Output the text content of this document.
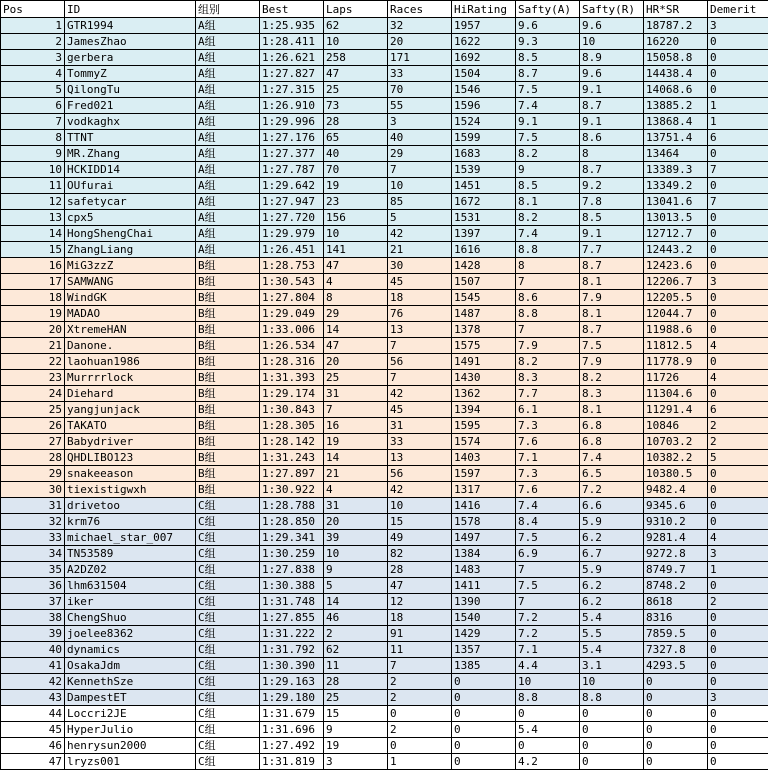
Pos	ID	组别	Best	Laps	Races	HiRating	Safty(A)	Safty(R)	HR*SR	Demerit
1	GTR1994	A组	1:25.935	62	32	1957	9.6	9.6	18787.2	3
2	JamesZhao	A组	1:28.411	10	20	1622	9.3	10	16220	0
3	gerbera	A组	1:26.621	258	171	1692	8.5	8.9	15058.8	0
4	TommyZ	A组	1:27.827	47	33	1504	8.7	9.6	14438.4	0
5	QilongTu	A组	1:27.315	25	70	1546	7.5	9.1	14068.6	0
6	Fred021	A组	1:26.910	73	55	1596	7.4	8.7	13885.2	1
7	vodkaghx	A组	1:29.996	28	3	1524	9.1	9.1	13868.4	1
8	TTNT	A组	1:27.176	65	40	1599	7.5	8.6	13751.4	6
9	MR.Zhang	A组	1:27.377	40	29	1683	8.2	8	13464	0
10	HCKIDD14	A组	1:27.787	70	7	1539	9	8.7	13389.3	7
11	OUfurai	A组	1:29.642	19	10	1451	8.5	9.2	13349.2	0
12	safetycar	A组	1:27.947	23	85	1672	8.1	7.8	13041.6	7
13	cpx5	A组	1:27.720	156	5	1531	8.2	8.5	13013.5	0
14	HongShengChai	A组	1:29.979	10	42	1397	7.4	9.1	12712.7	0
15	ZhangLiang	A组	1:26.451	141	21	1616	8.8	7.7	12443.2	0
16	MiG3zzZ	B组	1:28.753	47	30	1428	8	8.7	12423.6	0
17	SAMWANG	B组	1:30.543	4	45	1507	7	8.1	12206.7	3
18	WindGK	B组	1:27.804	8	18	1545	8.6	7.9	12205.5	0
19	MADAO	B组	1:29.049	29	76	1487	8.8	8.1	12044.7	0
20	XtremeHAN	B组	1:33.006	14	13	1378	7	8.7	11988.6	0
21	Danone.	B组	1:26.534	47	7	1575	7.9	7.5	11812.5	4
22	laohuan1986	B组	1:28.316	20	56	1491	8.2	7.9	11778.9	0
23	Murrrrlock	B组	1:31.393	25	7	1430	8.3	8.2	11726	4
24	Diehard	B组	1:29.174	31	42	1362	7.7	8.3	11304.6	0
25	yangjunjack	B组	1:30.843	7	45	1394	6.1	8.1	11291.4	6
26	TAKATO	B组	1:28.305	16	31	1595	7.3	6.8	10846	2
27	Babydriver	B组	1:28.142	19	33	1574	7.6	6.8	10703.2	2
28	QHDLIBO123	B组	1:31.243	14	13	1403	7.1	7.4	10382.2	5
29	snakeeason	B组	1:27.897	21	56	1597	7.3	6.5	10380.5	0
30	tiexistigwxh	B组	1:30.922	4	42	1317	7.6	7.2	9482.4	0
31	drivetoo	C组	1:28.788	31	10	1416	7.4	6.6	9345.6	0
32	krm76	C组	1:28.850	20	15	1578	8.4	5.9	9310.2	0
33	michael_star_007	C组	1:29.341	39	49	1497	7.5	6.2	9281.4	4
34	TN53589	C组	1:30.259	10	82	1384	6.9	6.7	9272.8	3
35	A2DZ02	C组	1:27.838	9	28	1483	7	5.9	8749.7	1
36	lhm631504	C组	1:30.388	5	47	1411	7.5	6.2	8748.2	0
37	iker	C组	1:31.748	14	12	1390	7	6.2	8618	2
38	ChengShuo	C组	1:27.855	46	18	1540	7.2	5.4	8316	0
39	joelee8362	C组	1:31.222	2	91	1429	7.2	5.5	7859.5	0
40	dynamics	C组	1:31.792	62	11	1357	7.1	5.4	7327.8	0
41	OsakaJdm	C组	1:30.390	11	7	1385	4.4	3.1	4293.5	0
42	KennethSze	C组	1:29.163	28	2	0	10	10	0	0
43	DampestET	C组	1:29.180	25	2	0	8.8	8.8	0	3
44	Loccri2JE	C组	1:31.679	15	0	0	0	0	0	0
45	HyperJulio	C组	1:31.696	9	2	0	5.4	0	0	0
46	henrysun2000	C组	1:27.492	19	0	0	0	0	0	0
47	lryzs001	C组	1:31.819	3	1	0	4.2	0	0	0
